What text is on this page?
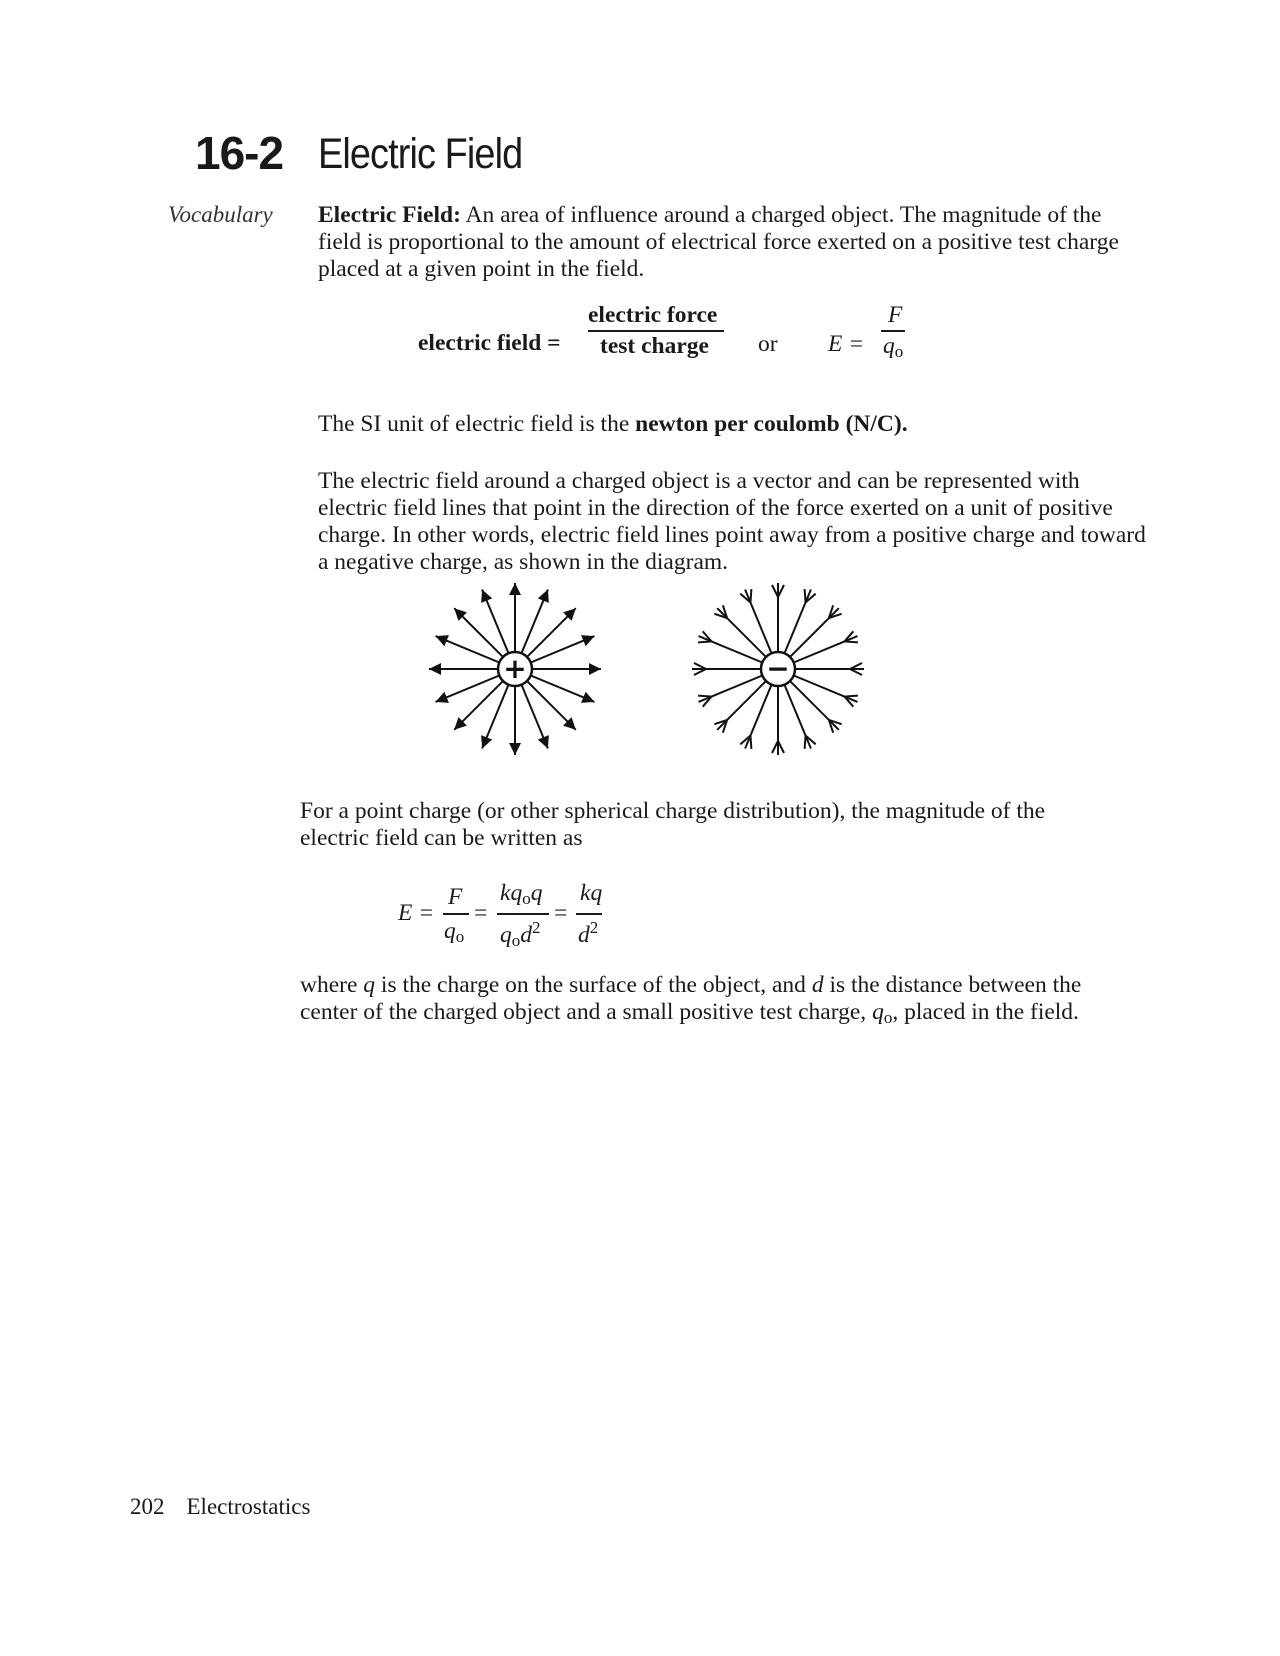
16-2 Electric Field
Vocabulary Electric Field: An area of influence around a charged object. The magnitude of the field is proportional to the amount of electrical force exerted on a positive test charge placed at a given point in the field.
electric field =
electric force
test charge or E =
F
$q_o$
The SI unit of electric field is the newton per coulomb (N/C).
The electric field around a charged object is a vector and can be represented with electric field lines that point in the direction of the force exerted on a unit of positive charge. In other words, electric field lines point away from a positive charge and toward a negative charge, as shown in the diagram.
+	−
For a point charge (or other spherical charge distribution), the magnitude of the electric field can be written as
E =
F
$q_o$
=
$kq_oq$
$q_od^2$
=
kq
$d^2$
where q is the charge on the surface of the object, and d is the distance between the center of the charged object and a small positive test charge, $q_o$, placed in the field.
202 Electrostatics
